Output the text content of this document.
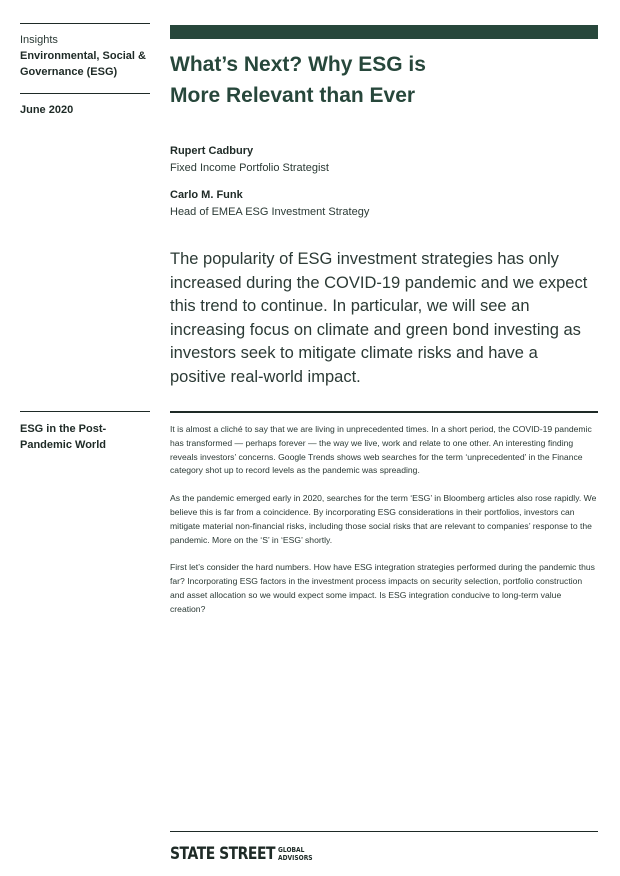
Insights
Environmental, Social & Governance (ESG)
June 2020
What’s Next? Why ESG is
More Relevant than Ever
Rupert Cadbury
Fixed Income Portfolio Strategist
Carlo M. Funk
Head of EMEA ESG Investment Strategy

The popularity of ESG investment strategies has only increased during the COVID-19 pandemic and we expect this trend to continue. In particular, we will see an increasing focus on climate and green bond investing as investors seek to mitigate climate risks and have a positive real-world impact.

ESG in the Post-Pandemic World

It is almost a cliché to say that we are living in unprecedented times. In a short period, the COVID-19 pandemic has transformed — perhaps forever — the way we live, work and relate to one other. An interesting finding reveals investors’ concerns. Google Trends shows web searches for the term ‘unprecedented’ in the Finance category shot up to record levels as the pandemic was spreading.

As the pandemic emerged early in 2020, searches for the term ‘ESG’ in Bloomberg articles also rose rapidly. We believe this is far from a coincidence. By incorporating ESG considerations in their portfolios, investors can mitigate material non-financial risks, including those social risks that are relevant to companies’ response to the pandemic. More on the ‘S’ in ‘ESG’ shortly.

First let’s consider the hard numbers. How have ESG integration strategies performed during the pandemic thus far? Incorporating ESG factors in the investment process impacts on security selection, portfolio construction and asset allocation so we would expect some impact. Is ESG integration conducive to long-term value creation?

STATE STREET GLOBAL
ADVISORS
